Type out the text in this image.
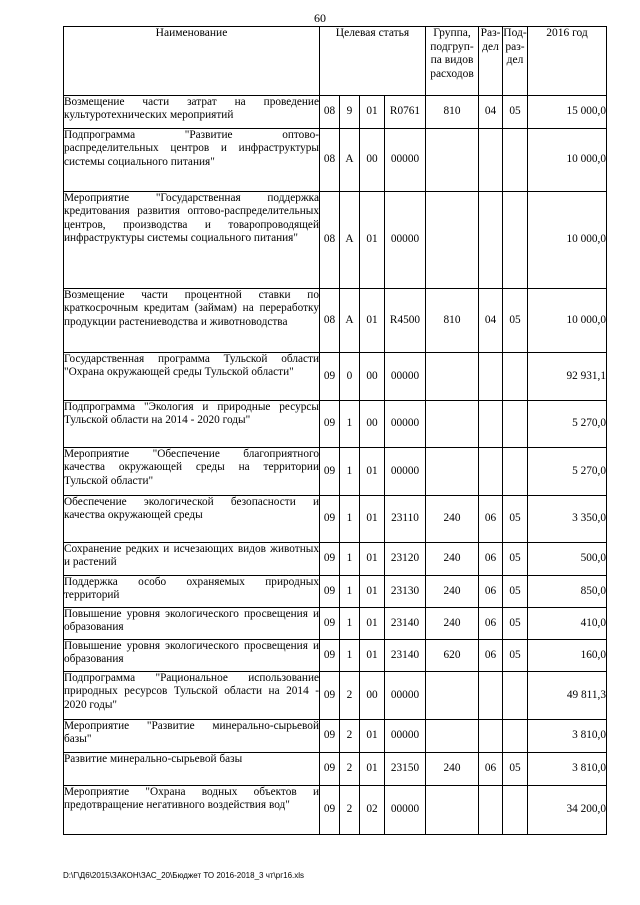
60
Наименование	Целевая статья				Группа, подгруп-па видов расходов	Раз-дел	Под-раз-дел	2016 год
Возмещение части затрат на проведение культуротехнических мероприятий	08	9	01	R0761	810	04	05	15 000,0
Подпрограмма "Развитие оптово-распределительных центров и инфраструктуры системы социального питания"	08	А	00	00000				10 000,0
Мероприятие "Государственная поддержка кредитования развития оптово-распределительных центров, производства и товаропроводящей инфраструктуры системы социального питания"	08	А	01	00000				10 000,0
Возмещение части процентной ставки по краткосрочным кредитам (займам) на переработку продукции растениеводства и животноводства	08	А	01	R4500	810	04	05	10 000,0
Государственная программа Тульской области "Охрана окружающей среды Тульской области"	09	0	00	00000				92 931,1
Подпрограмма "Экология и природные ресурсы Тульской области на 2014 - 2020 годы"	09	1	00	00000				5 270,0
Мероприятие "Обеспечение благоприятного качества окружающей среды на территории Тульской области"	09	1	01	00000				5 270,0
Обеспечение экологической безопасности и качества окружающей среды	09	1	01	23110	240	06	05	3 350,0
Сохранение редких и исчезающих видов животных и растений	09	1	01	23120	240	06	05	500,0
Поддержка особо охраняемых природных территорий	09	1	01	23130	240	06	05	850,0
Повышение уровня экологического просвещения и образования	09	1	01	23140	240	06	05	410,0
Повышение уровня экологического просвещения и образования	09	1	01	23140	620	06	05	160,0
Подпрограмма "Рациональное использование природных ресурсов Тульской области на 2014 - 2020 годы"	09	2	00	00000				49 811,3
Мероприятие "Развитие минерально-сырьевой базы"	09	2	01	00000				3 810,0
Развитие минерально-сырьевой базы	09	2	01	23150	240	06	05	3 810,0
Мероприятие "Охрана водных объектов и предотвращение негативного воздействия вод"	09	2	02	00000				34 200,0
D:\Г\Д6\2015\ЗАКОН\ЗАС_20\Бюджет ТО 2016-2018_3 чт\рг16.xls
